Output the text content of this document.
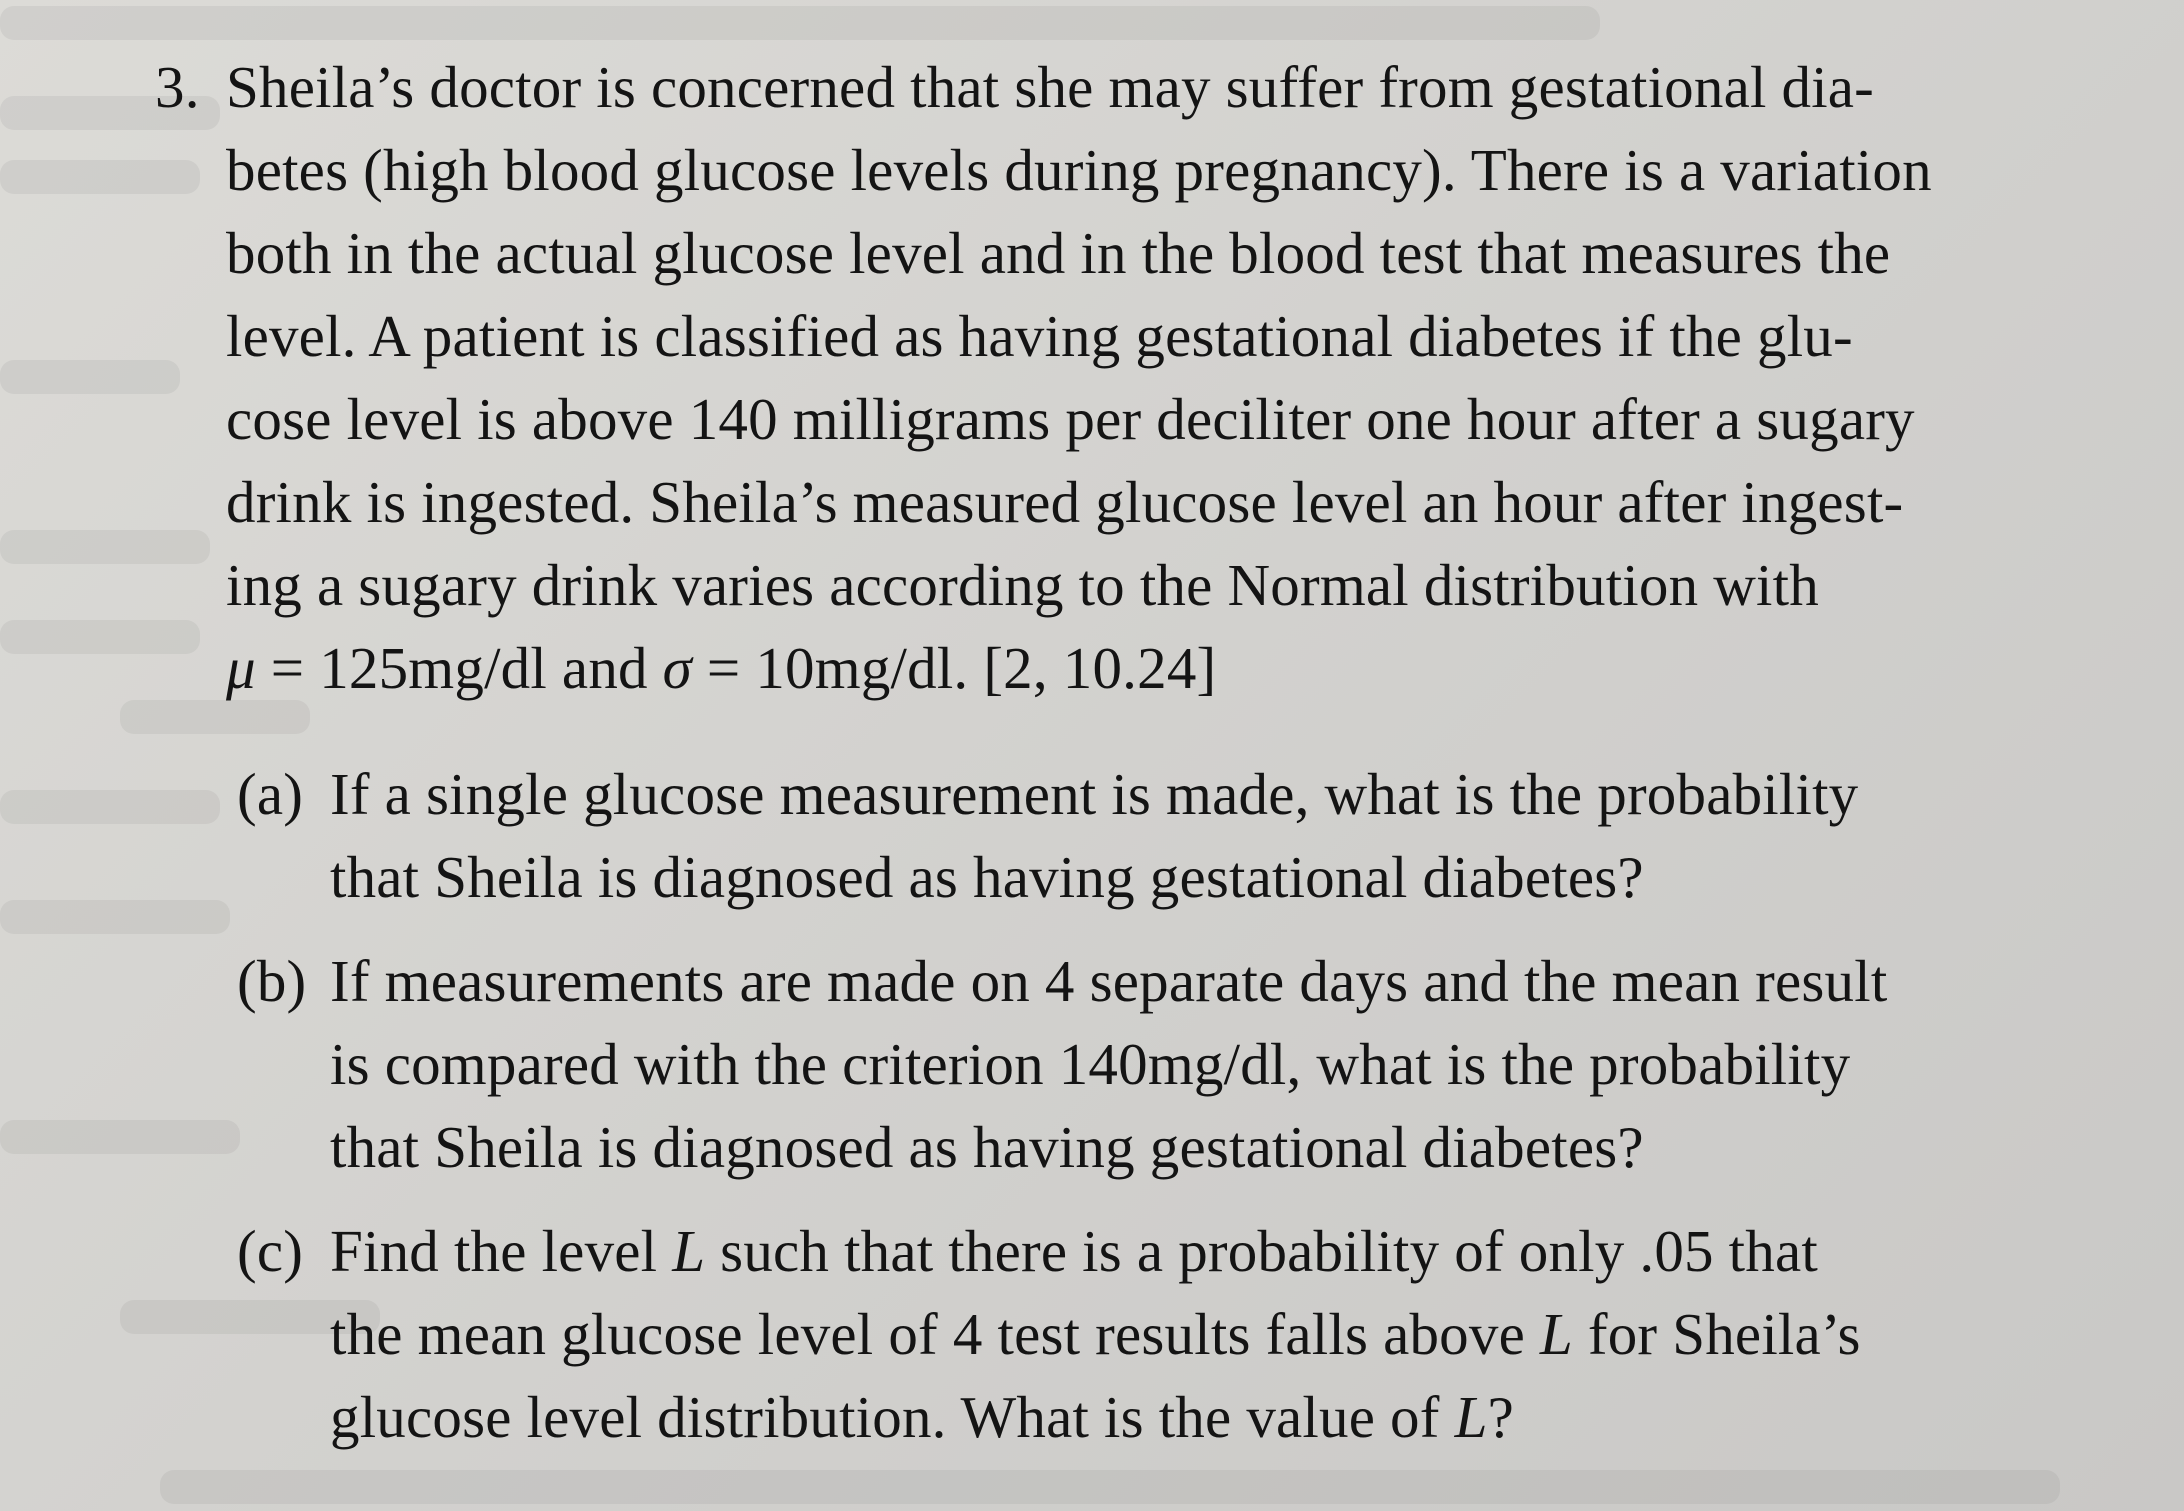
3. Sheila’s doctor is concerned that she may suffer from gestational dia-
betes (high blood glucose levels during pregnancy). There is a variation
both in the actual glucose level and in the blood test that measures the
level. A patient is classified as having gestational diabetes if the glu-
cose level is above 140 milligrams per deciliter one hour after a sugary
drink is ingested. Sheila’s measured glucose level an hour after ingest-
ing a sugary drink varies according to the Normal distribution with
μ = 125mg/dl and σ = 10mg/dl. [2, 10.24]
(a) If a single glucose measurement is made, what is the probability
that Sheila is diagnosed as having gestational diabetes?
(b) If measurements are made on 4 separate days and the mean result
is compared with the criterion 140mg/dl, what is the probability
that Sheila is diagnosed as having gestational diabetes?
(c) Find the level L such that there is a probability of only .05 that
the mean glucose level of 4 test results falls above L for Sheila’s
glucose level distribution. What is the value of L?
